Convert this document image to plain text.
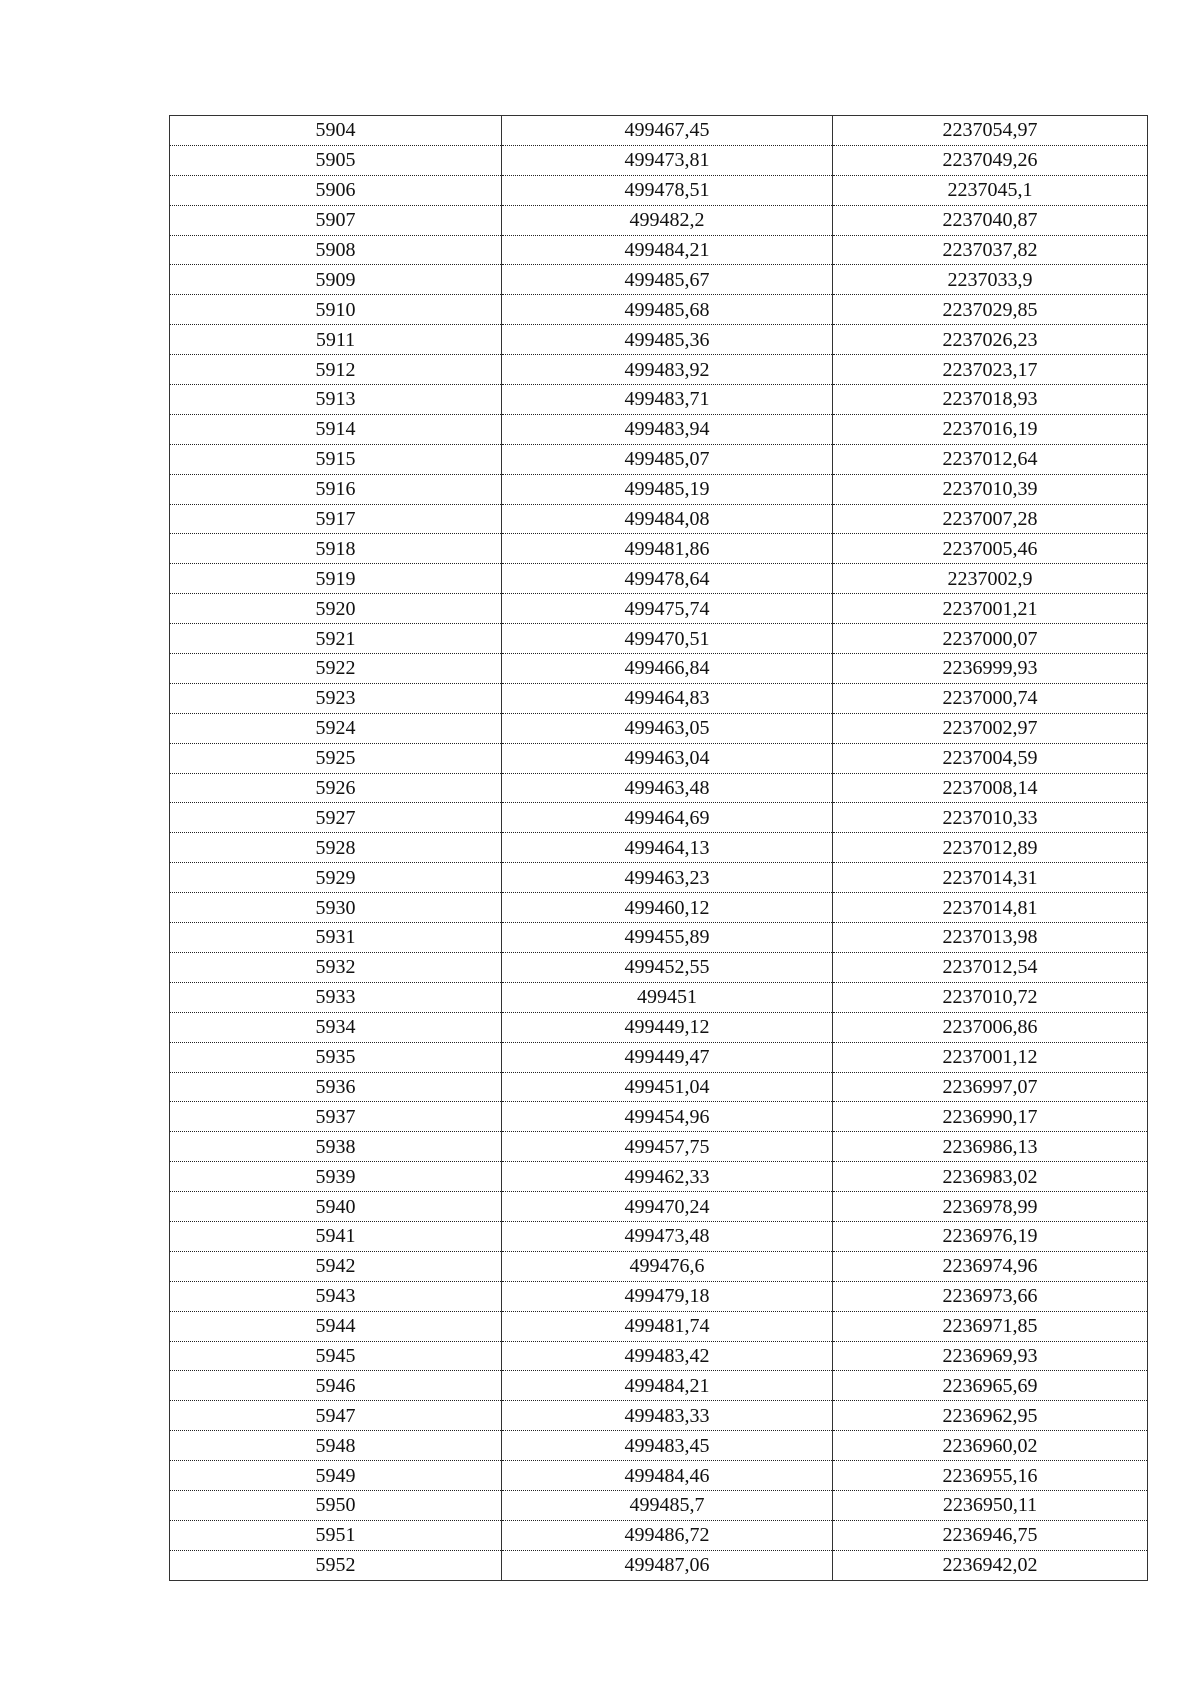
5904	499467,45	2237054,97
5905	499473,81	2237049,26
5906	499478,51	2237045,1
5907	499482,2	2237040,87
5908	499484,21	2237037,82
5909	499485,67	2237033,9
5910	499485,68	2237029,85
5911	499485,36	2237026,23
5912	499483,92	2237023,17
5913	499483,71	2237018,93
5914	499483,94	2237016,19
5915	499485,07	2237012,64
5916	499485,19	2237010,39
5917	499484,08	2237007,28
5918	499481,86	2237005,46
5919	499478,64	2237002,9
5920	499475,74	2237001,21
5921	499470,51	2237000,07
5922	499466,84	2236999,93
5923	499464,83	2237000,74
5924	499463,05	2237002,97
5925	499463,04	2237004,59
5926	499463,48	2237008,14
5927	499464,69	2237010,33
5928	499464,13	2237012,89
5929	499463,23	2237014,31
5930	499460,12	2237014,81
5931	499455,89	2237013,98
5932	499452,55	2237012,54
5933	499451	2237010,72
5934	499449,12	2237006,86
5935	499449,47	2237001,12
5936	499451,04	2236997,07
5937	499454,96	2236990,17
5938	499457,75	2236986,13
5939	499462,33	2236983,02
5940	499470,24	2236978,99
5941	499473,48	2236976,19
5942	499476,6	2236974,96
5943	499479,18	2236973,66
5944	499481,74	2236971,85
5945	499483,42	2236969,93
5946	499484,21	2236965,69
5947	499483,33	2236962,95
5948	499483,45	2236960,02
5949	499484,46	2236955,16
5950	499485,7	2236950,11
5951	499486,72	2236946,75
5952	499487,06	2236942,02
